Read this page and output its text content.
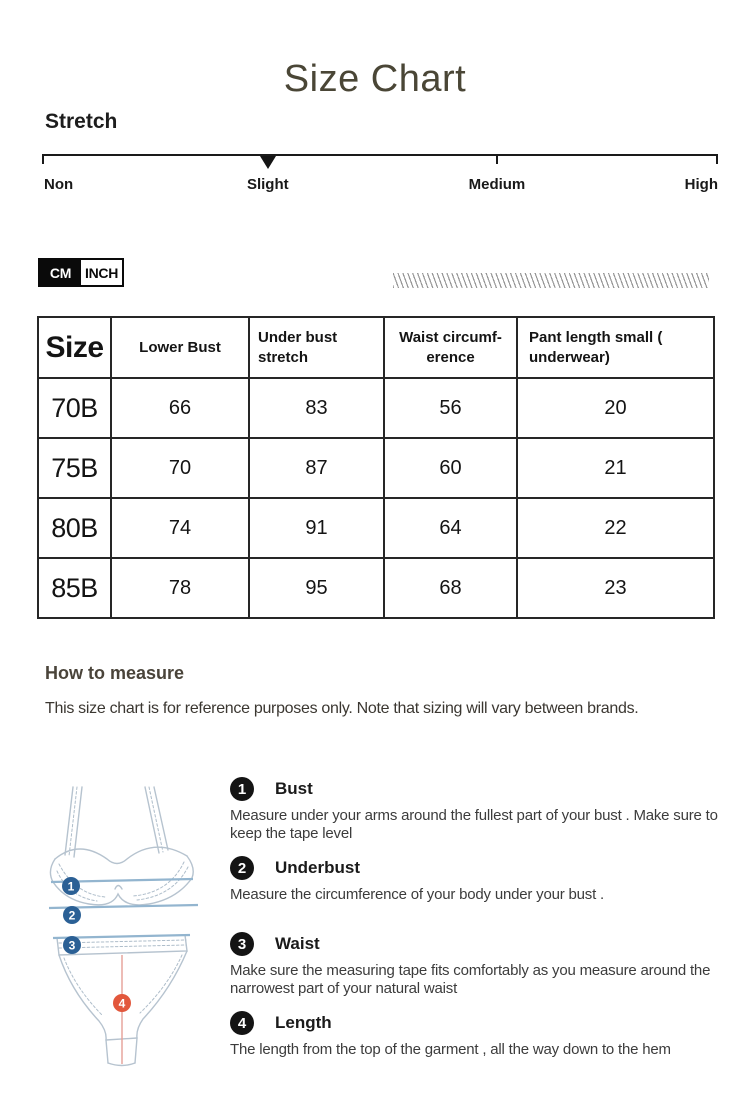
Size Chart
Stretch
Non	Slight	Medium	High
CM INCH
Size	Lower Bust	Under bust stretch	Waist circumf-erence	Pant length small ( underwear)
70B	66	83	56	20
75B	70	87	60	21
80B	74	91	64	22
85B	78	95	68	23
How to measure
This size chart is for reference purposes only. Note that sizing will vary between brands.
1
2
3
4
1	Bust
Measure under your arms around the fullest part of your bust . Make sure to keep the tape level
2	Underbust
Measure the circumference of your body under your bust .
3	Waist
Make sure the measuring tape fits comfortably as you measure around the narrowest part of your natural waist
4	Length
The length from the top of the garment , all the way down to the hem
